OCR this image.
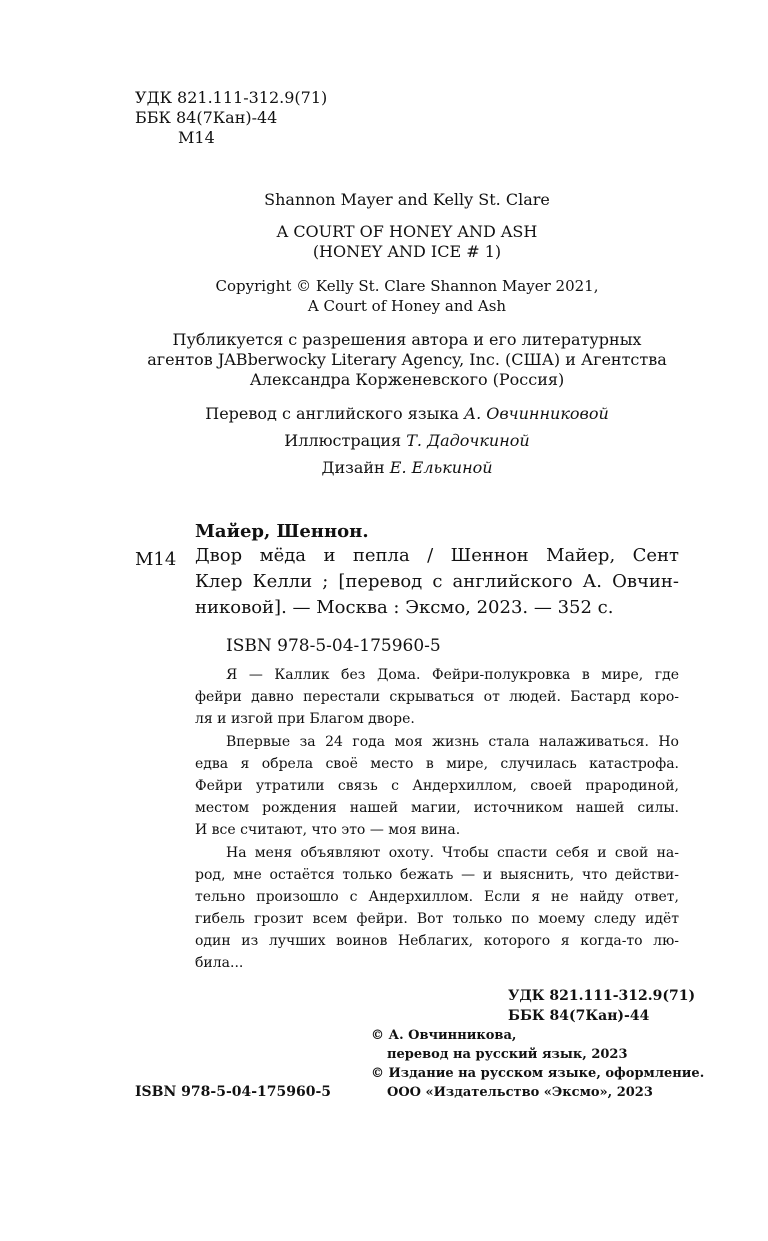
УДК 821.111-312.9(71)
ББК 84(7Кан)-44
М14
Shannon Mayer and Kelly St. Clare
A COURT OF HONEY AND ASH
(HONEY AND ICE # 1)
Copyright © Kelly St. Clare Shannon Mayer 2021,
A Court of Honey and Ash
Публикуется с разрешения автора и его литературных
агентов JABberwocky Literary Agency, Inc. (США) и Агентства
Александра Корженевского (Россия)
Перевод с английского языка А. Овчинниковой
Иллюстрация Т. Дадочкиной
Дизайн Е. Елькиной
Майер, Шеннон.
М14 Двор мёда и пепла / Шеннон Майер, Сент
Клер Келли ; [перевод с английского А. Овчин-
никовой]. — Москва : Эксмо, 2023. — 352 с.
ISBN 978-5-04-175960-5
Я — Каллик без Дома. Фейри-полукровка в мире, где
фейри давно перестали скрываться от людей. Бастард коро-
ля и изгой при Благом дворе.
Впервые за 24 года моя жизнь стала налаживаться. Но
едва я обрела своё место в мире, случилась катастрофа.
Фейри утратили связь с Андерхиллом, своей прародиной,
местом рождения нашей магии, источником нашей силы.
И все считают, что это — моя вина.
На меня объявляют охоту. Чтобы спасти себя и свой на-
род, мне остаётся только бежать — и выяснить, что действи-
тельно произошло с Андерхиллом. Если я не найду ответ,
гибель грозит всем фейри. Вот только по моему следу идёт
один из лучших воинов Неблагих, которого я когда-то лю-
била...
УДК 821.111-312.9(71)
ББК 84(7Кан)-44
© А. Овчинникова,
перевод на русский язык, 2023
© Издание на русском языке, оформление.
ООО «Издательство «Эксмо», 2023
ISBN 978-5-04-175960-5
